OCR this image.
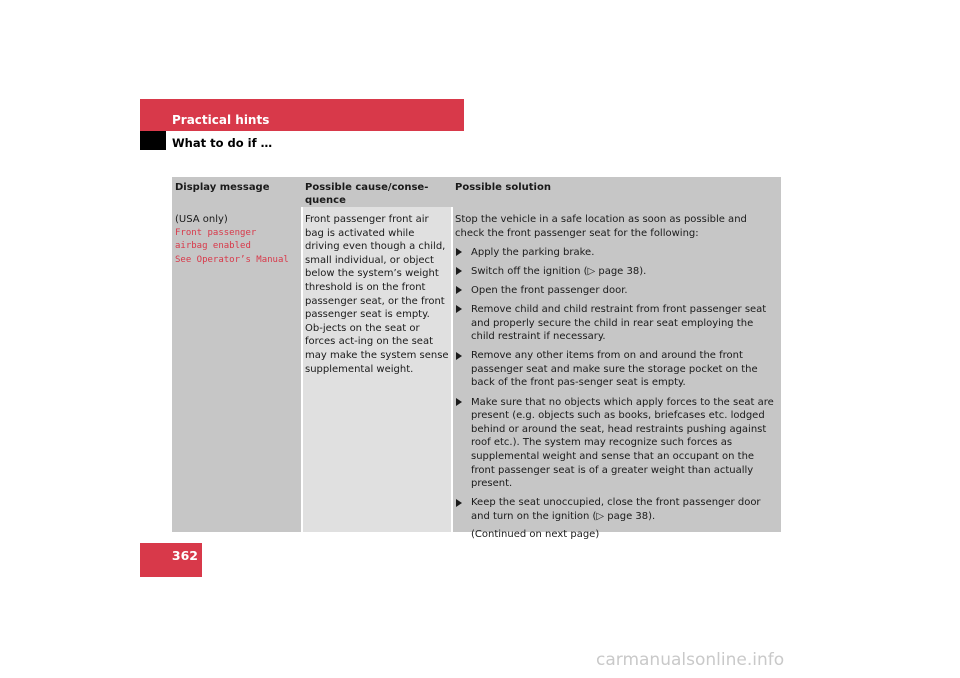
Practical hints
What to do if …
Display message	Possible cause/conse-
quence
Possible solution
(USA only)
Front passenger
airbag enabled
See Operator’s Manual
Front passenger front air bag is activated while driving even though a child, small individual, or object below the system’s weight threshold is on the front passenger seat, or the front passenger seat is empty. Ob-jects on the seat or forces act-ing on the seat may make the system sense supplemental weight.

Stop the vehicle in a safe location as soon as possible and check the front passenger seat for the following:

Apply the parking brake.
Switch off the ignition (▷ page 38).
Open the front passenger door.
Remove child and child restraint from front passenger seat and properly secure the child in rear seat employing the child restraint if necessary.
Remove any other items from on and around the front passenger seat and make sure the storage pocket on the back of the front pas-senger seat is empty.
Make sure that no objects which apply forces to the seat are present (e.g. objects such as books, briefcases etc. lodged behind or around the seat, head restraints pushing against roof etc.). The system may recognize such forces as supplemental weight and sense that an occupant on the front passenger seat is of a greater weight than actually present.
Keep the seat unoccupied, close the front passenger door and turn on the ignition (▷ page 38).
(Continued on next page)
362
carmanualsonline.info
